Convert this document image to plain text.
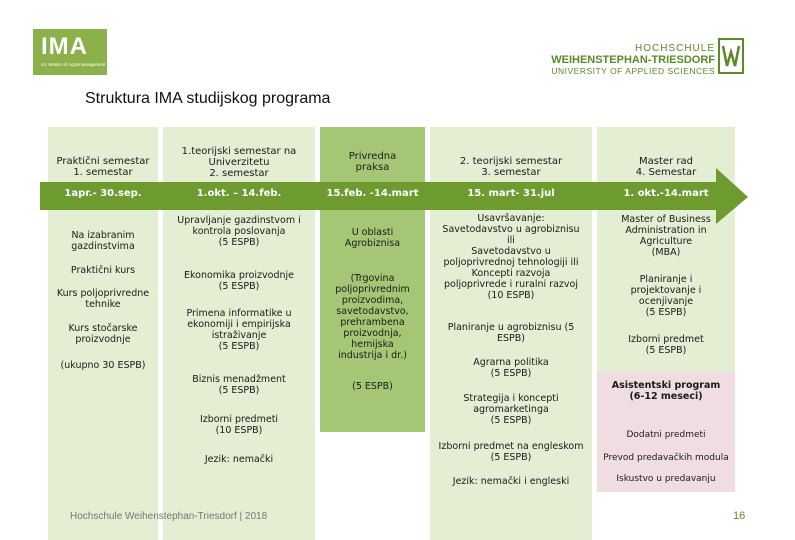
IMA
Int. Master of Agrarmanagement
HOCHSCHULE
WEIHENSTEPHAN-TRIESDORF
UNIVERSITY OF APPLIED SCIENCES
Struktura IMA studijskog programa
Praktični semestar
1. semestar
1.teorijski semestar na
Univerzitetu
2. semestar
Privredna
praksa
2. teorijski semestar
3. semestar
Master rad
4. Semestar
1apr.- 30.sep.	1.okt. – 14.feb.	15.feb. -14.mart	15. mart- 31.jul	1. okt.-14.mart
Na izabranim
gazdinstvima
Praktični kurs
Kurs poljoprivredne
tehnike
Kurs stočarske
proizvodnje
(ukupno 30 ESPB)
Upravljanje gazdinstvom i
kontrola poslovanja
(5 ESPB)
Ekonomika proizvodnje
(5 ESPB)
Primena informatike u
ekonomiji i empirijska
istraživanje
(5 ESPB)
Biznis menadžment
(5 ESPB)
Izborni predmeti
(10 ESPB)
Jezik: nemački
U oblasti
Agrobiznisa
(Trgovina
poljoprivrednim
proizvodima,
savetodavstvo,
prehrambena
proizvodnja,
hemijska
industrija i dr.)
(5 ESPB)
Usavršavanje:
Savetodavstvo u agrobiznisu
ili
Savetodavstvo u
poljoprivrednoj tehnologiji ili
Koncepti razvoja
poljoprivrede i ruralni razvoj
(10 ESPB)
Planiranje u agrobiznisu (5
ESPB)
Agrarna politika
(5 ESPB)
Strategija i koncepti
agromarketinga
(5 ESPB)
Izborni predmet na engleskom
(5 ESPB)
Jezik: nemački i engleski
Master of Business
Administration in
Agriculture
(MBA)
Planiranje i
projektovanje i
ocenjivanje
(5 ESPB)
Izborni predmet
(5 ESPB)
Asistentski program
(6-12 meseci)
Dodatni predmeti
Prevod predavačkih modula
Iskustvo u predavanju
Hochschule Weihenstephan-Triesdorf | 2018	16
